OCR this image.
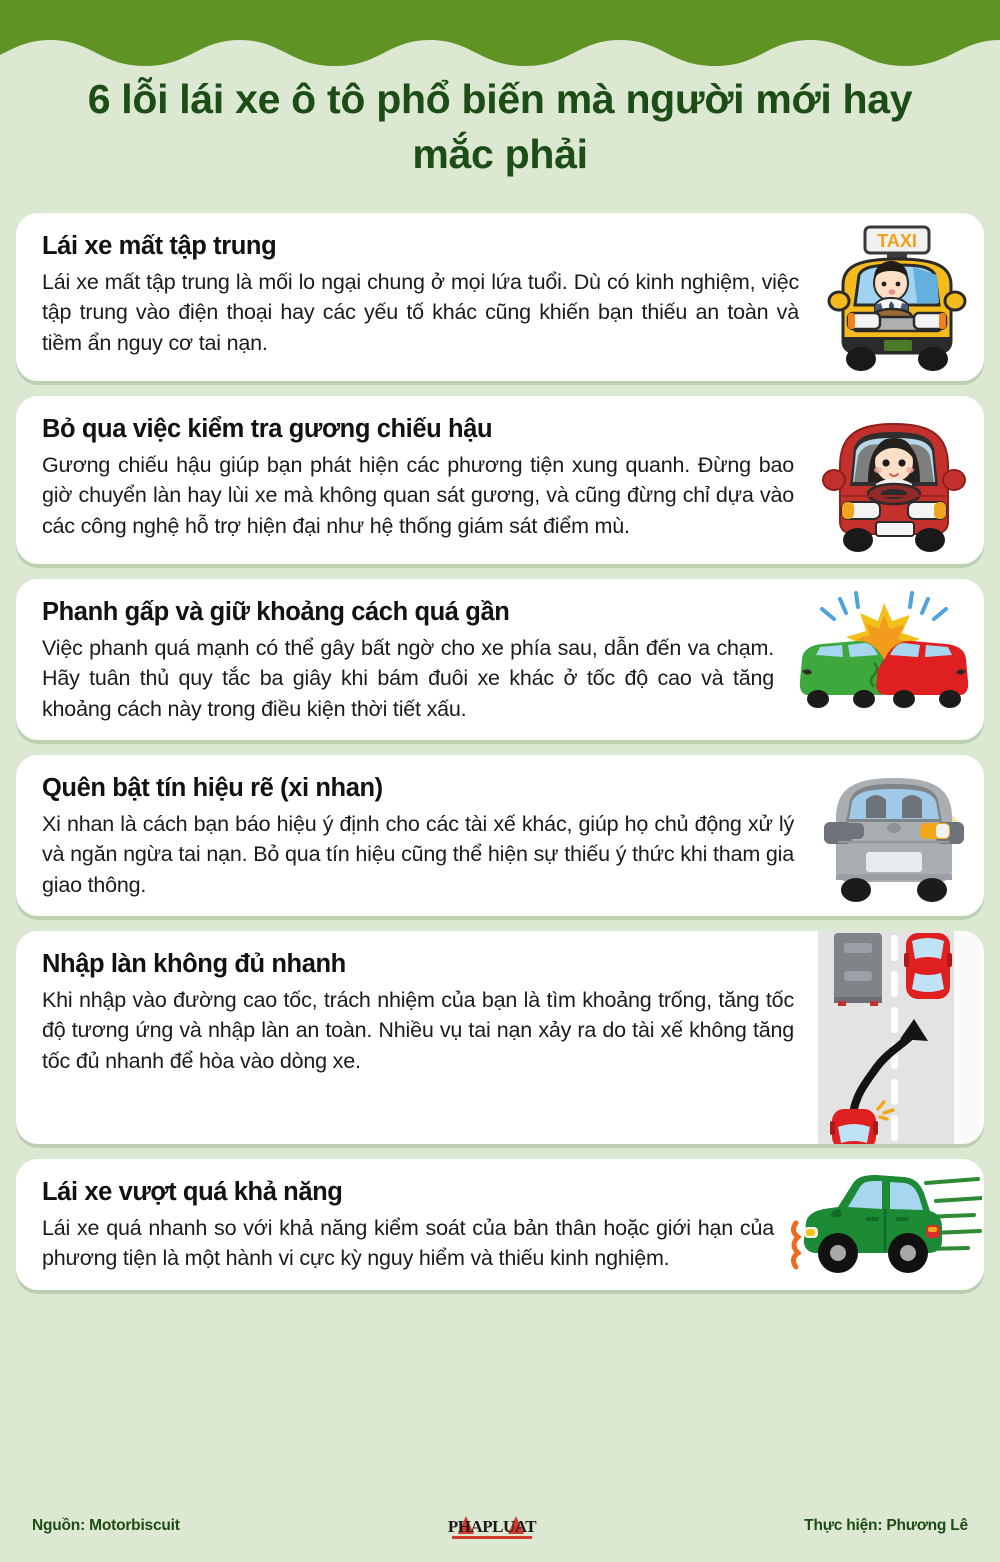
6 lỗi lái xe ô tô phổ biến mà người mới hay mắc phải
Lái xe mất tập trung
Lái xe mất tập trung là mối lo ngại chung ở mọi lứa tuổi. Dù có kinh nghiệm, việc tập trung vào điện thoại hay các yếu tố khác cũng khiến bạn thiếu an toàn và tiềm ẩn nguy cơ tai nạn.
TAXI
Bỏ qua việc kiểm tra gương chiếu hậu
Gương chiếu hậu giúp bạn phát hiện các phương tiện xung quanh. Đừng bao giờ chuyển làn hay lùi xe mà không quan sát gương, và cũng đừng chỉ dựa vào các công nghệ hỗ trợ hiện đại như hệ thống giám sát điểm mù.
Phanh gấp và giữ khoảng cách quá gần
Việc phanh quá mạnh có thể gây bất ngờ cho xe phía sau, dẫn đến va chạm. Hãy tuân thủ quy tắc ba giây khi bám đuôi xe khác ở tốc độ cao và tăng khoảng cách này trong điều kiện thời tiết xấu.
Quên bật tín hiệu rẽ (xi nhan)
Xi nhan là cách bạn báo hiệu ý định cho các tài xế khác, giúp họ chủ động xử lý và ngăn ngừa tai nạn. Bỏ qua tín hiệu cũng thể hiện sự thiếu ý thức khi tham gia giao thông.
Nhập làn không đủ nhanh
Khi nhập vào đường cao tốc, trách nhiệm của bạn là tìm khoảng trống, tăng tốc độ tương ứng và nhập làn an toàn. Nhiều vụ tai nạn xảy ra do tài xế không tăng tốc đủ nhanh để hòa vào dòng xe.
Lái xe vượt quá khả năng
Lái xe quá nhanh so với khả năng kiểm soát của bản thân hoặc giới hạn của phương tiện là một hành vi cực kỳ nguy hiểm và thiếu kinh nghiệm.
Nguồn: Motorbiscuit	PHAPLUAT	Thực hiện: Phương Lê
